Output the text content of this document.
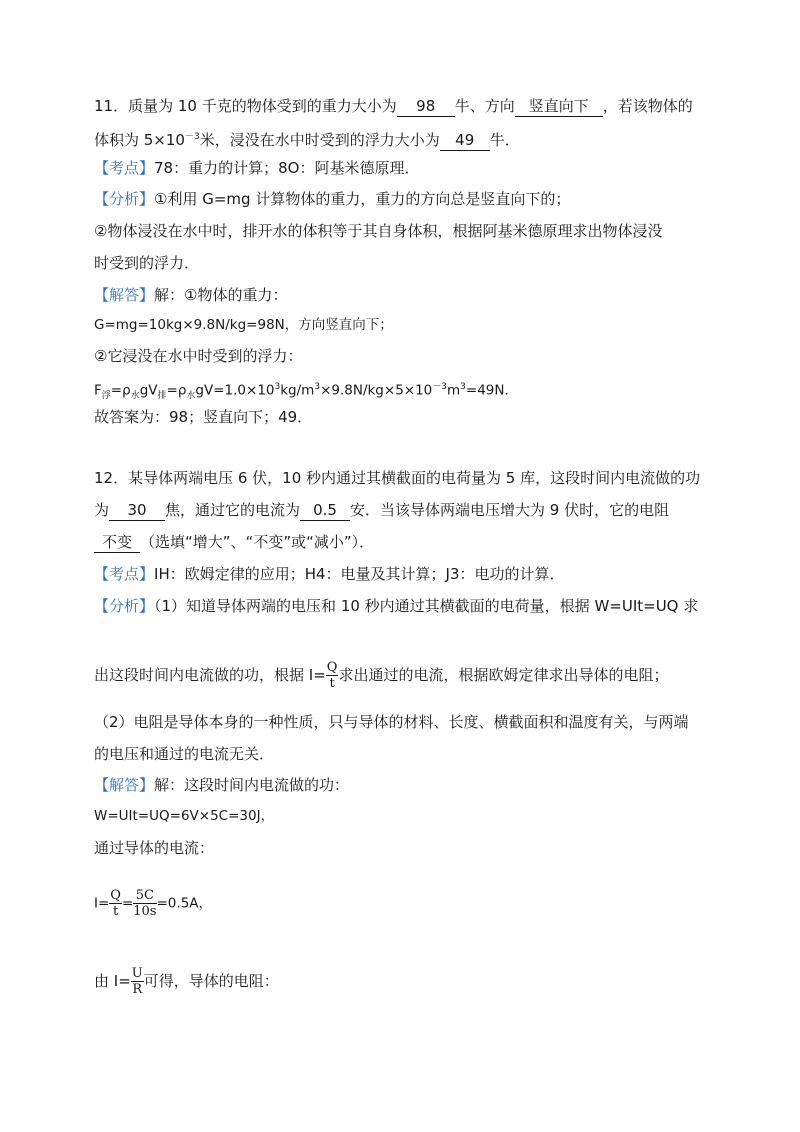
11．质量为 10 千克的物体受到的重力大小为 98 牛、方向 竖直向下 ，若该物体的
体积为 $5\times 10^{-3}$米，浸没在水中时受到的浮力大小为 49 牛．
【考点】78：重力的计算；8O：阿基米德原理．
【分析】①利用 G=mg 计算物体的重力，重力的方向总是竖直向下的；
②物体浸没在水中时，排开水的体积等于其自身体积，根据阿基米德原理求出物体浸没
时受到的浮力．
【解答】解：①物体的重力：
G=mg=10kg×9.8N/kg=98N，方向竖直向下；
②它浸没在水中时受到的浮力：
$F_浮=\rho_水gV_排=\rho_水gV=1.0\times 10^3kg/m^3\times 9.8N/kg\times 5\times 10^{-3}m^3=49N$．
故答案为：98；竖直向下；49．
12．某导体两端电压 6 伏，10 秒内通过其横截面的电荷量为 5 库，这段时间内电流做的功
为 30 焦，通过它的电流为 0.5 安．当该导体两端电压增大为 9 伏时，它的电阻
不变 （选填“增大”、“不变”或“减小”）．
【考点】IH：欧姆定律的应用；H4：电量及其计算；J3：电功的计算．
【分析】（1）知道导体两端的电压和 10 秒内通过其横截面的电荷量，根据 W=UIt=UQ 求
出这段时间内电流做的功，根据 $I= \frac{Q}{t}$ 求出通过的电流，根据欧姆定律求出导体的电阻；
（2）电阻是导体本身的一种性质，只与导体的材料、长度、横截面积和温度有关，与两端
的电压和通过的电流无关．
【解答】解：这段时间内电流做的功：
W=UIt=UQ=6V×5C=30J，
通过导体的电流：
$I= \frac{Q}{t} = \frac{5C}{10s} =0.5A$，
由 $I= \frac{U}{R}$ 可得，导体的电阻：
